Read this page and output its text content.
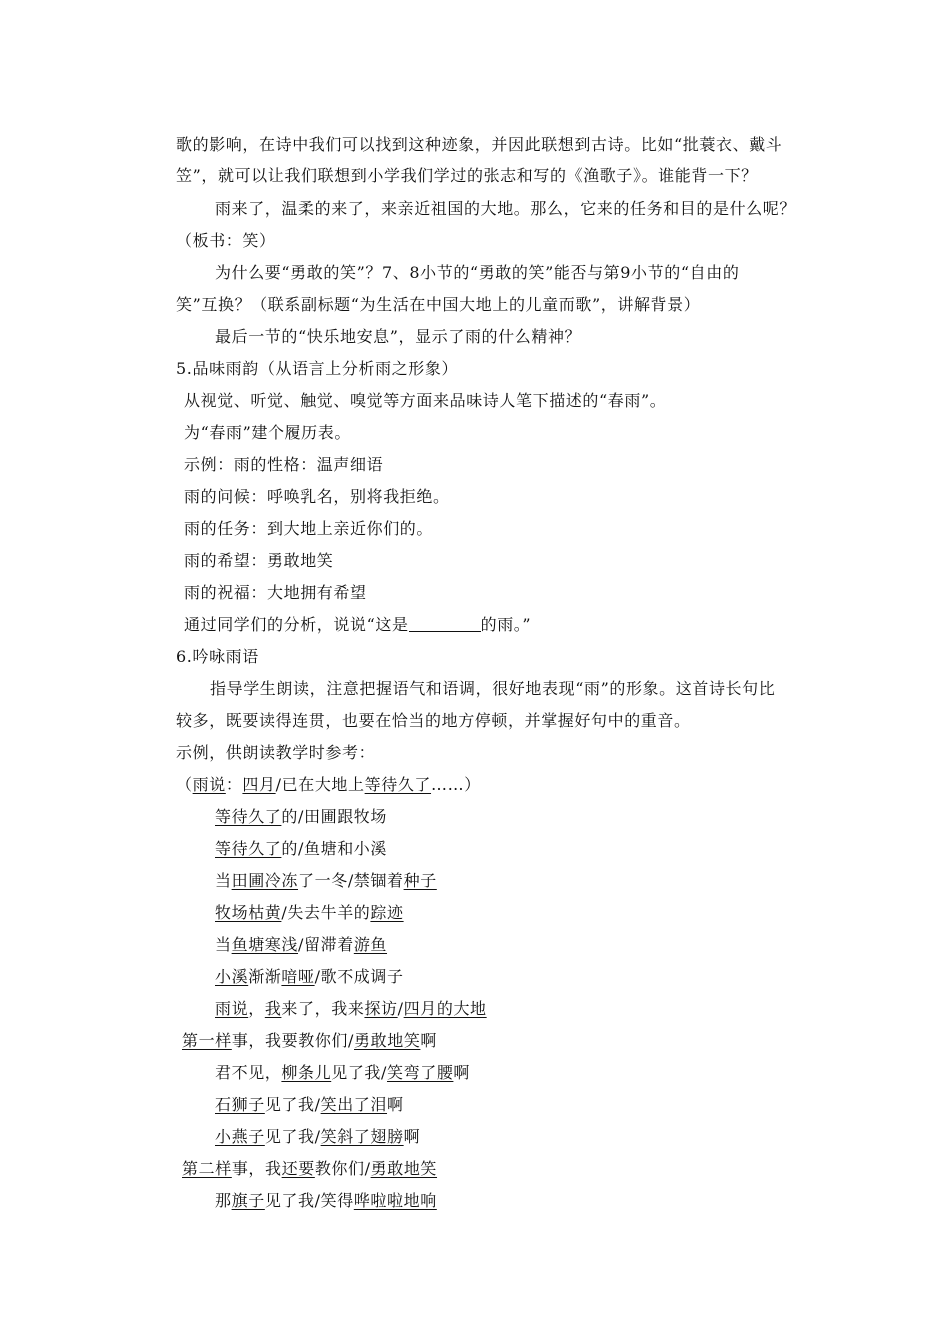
歌的影响，在诗中我们可以找到这种迹象，并因此联想到古诗。比如“批蓑衣、戴斗
笠”，就可以让我们联想到小学我们学过的张志和写的《渔歌子》。谁能背一下？
雨来了，温柔的来了，来亲近祖国的大地。那么，它来的任务和目的是什么呢？
（板书：笑）
为什么要“勇敢的笑”？7、8小节的“勇敢的笑”能否与第9小节的“自由的
笑”互换？（联系副标题“为生活在中国大地上的儿童而歌”，讲解背景）
最后一节的“快乐地安息”，显示了雨的什么精神？
5.品味雨韵（从语言上分析雨之形象）
从视觉、听觉、触觉、嗅觉等方面来品味诗人笔下描述的“春雨”。
为“春雨”建个履历表。
示例：雨的性格：温声细语
雨的问候：呼唤乳名，别将我拒绝。
雨的任务：到大地上亲近你们的。
雨的希望：勇敢地笑
雨的祝福：大地拥有希望
通过同学们的分析，说说“这是	的雨。”
6.吟咏雨语
指导学生朗读，注意把握语气和语调，很好地表现“雨”的形象。这首诗长句比
较多，既要读得连贯，也要在恰当的地方停顿，并掌握好句中的重音。
示例，供朗读教学时参考：
（雨说：四月/已在大地上等待久了……）
等待久了的/田圃跟牧场
等待久了的/鱼塘和小溪
当田圃冷冻了一冬/禁锢着种子
牧场枯黄/失去牛羊的踪迹
当鱼塘寒浅/留滞着游鱼
小溪渐渐喑哑/歌不成调子
雨说，我来了，我来探访/四月的大地
第一样事，我要教你们/勇敢地笑啊
君不见，柳条儿见了我/笑弯了腰啊
石狮子见了我/笑出了泪啊
小燕子见了我/笑斜了翅膀啊
第二样事，我还要教你们/勇敢地笑
那旗子见了我/笑得哗啦啦地响
